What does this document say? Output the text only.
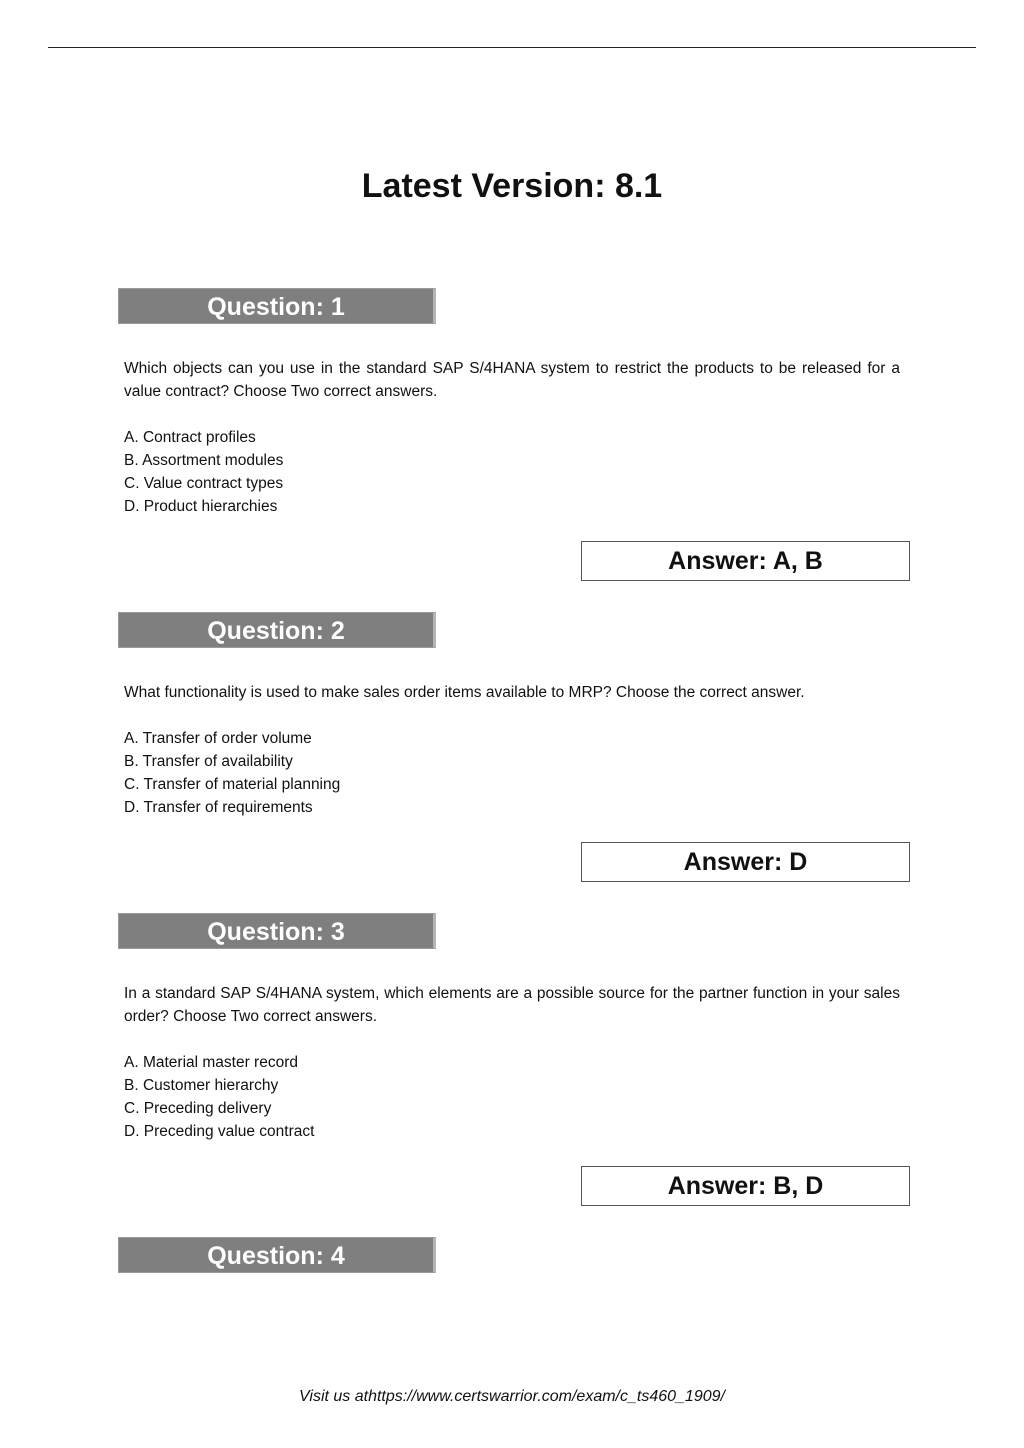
Latest Version: 8.1
Question: 1

Which objects can you use in the standard SAP S/4HANA system to restrict the products to be released for a value contract? Choose Two correct answers.

A. Contract profiles
B. Assortment modules
C. Value contract types
D. Product hierarchies
Answer: A, B
Question: 2

What functionality is used to make sales order items available to MRP? Choose the correct answer.

A. Transfer of order volume
B. Transfer of availability
C. Transfer of material planning
D. Transfer of requirements
Answer: D
Question: 3

In a standard SAP S/4HANA system, which elements are a possible source for the partner function in your sales order? Choose Two correct answers.

A. Material master record
B. Customer hierarchy
C. Preceding delivery
D. Preceding value contract
Answer: B, D
Question: 4
Visit us athttps://www.certswarrior.com/exam/c_ts460_1909/
